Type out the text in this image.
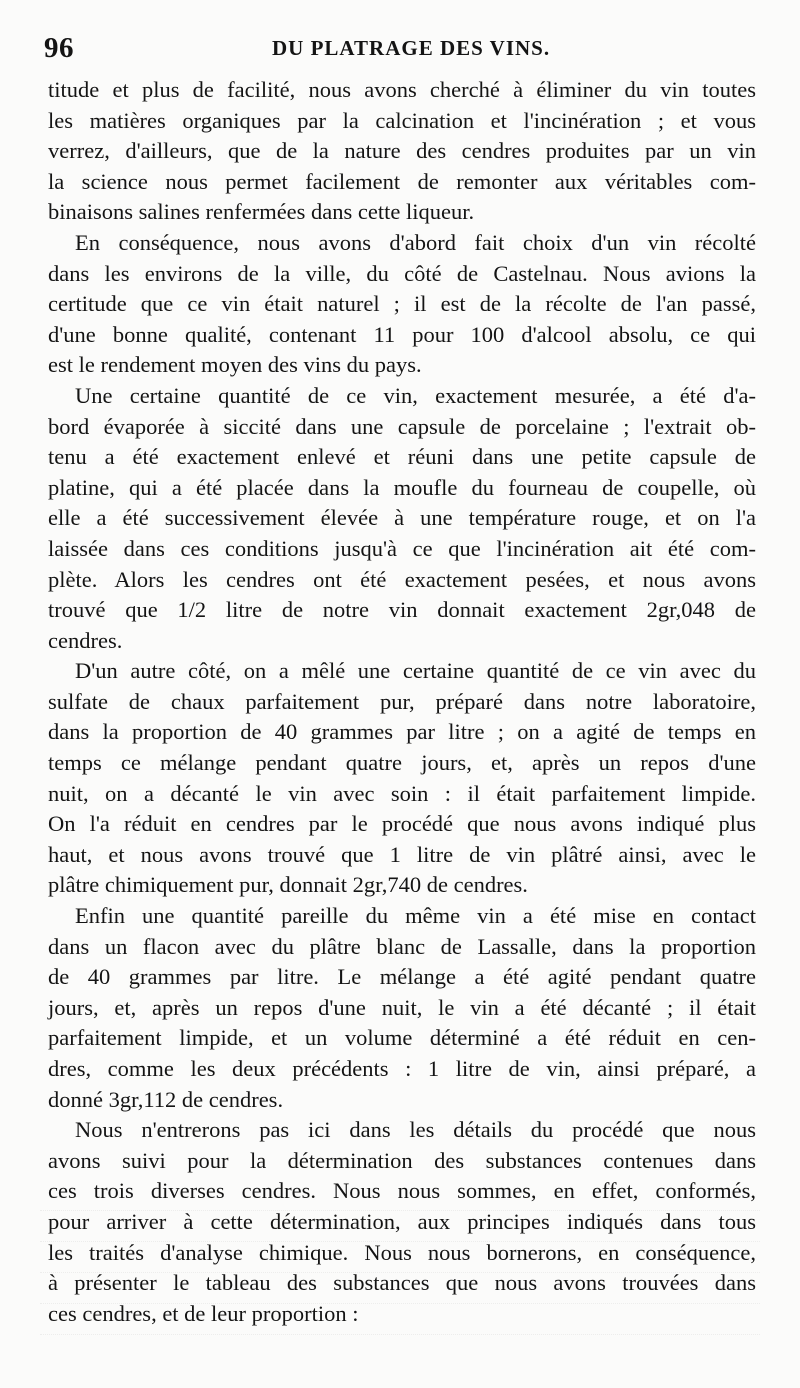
96	DU PLATRAGE DES VINS.
titude et plus de facilité, nous avons cherché à éliminer du vin toutes
les matières organiques par la calcination et l'incinération ; et vous
verrez, d'ailleurs, que de la nature des cendres produites par un vin
la science nous permet facilement de remonter aux véritables com-
binaisons salines renfermées dans cette liqueur.
En conséquence, nous avons d'abord fait choix d'un vin récolté
dans les environs de la ville, du côté de Castelnau. Nous avions la
certitude que ce vin était naturel ; il est de la récolte de l'an passé,
d'une bonne qualité, contenant 11 pour 100 d'alcool absolu, ce qui
est le rendement moyen des vins du pays.
Une certaine quantité de ce vin, exactement mesurée, a été d'a-
bord évaporée à siccité dans une capsule de porcelaine ; l'extrait ob-
tenu a été exactement enlevé et réuni dans une petite capsule de
platine, qui a été placée dans la moufle du fourneau de coupelle, où
elle a été successivement élevée à une température rouge, et on l'a
laissée dans ces conditions jusqu'à ce que l'incinération ait été com-
plète. Alors les cendres ont été exactement pesées, et nous avons
trouvé que 1/2 litre de notre vin donnait exactement 2gr,048 de
cendres.
D'un autre côté, on a mêlé une certaine quantité de ce vin avec du
sulfate de chaux parfaitement pur, préparé dans notre laboratoire,
dans la proportion de 40 grammes par litre ; on a agité de temps en
temps ce mélange pendant quatre jours, et, après un repos d'une
nuit, on a décanté le vin avec soin : il était parfaitement limpide.
On l'a réduit en cendres par le procédé que nous avons indiqué plus
haut, et nous avons trouvé que 1 litre de vin plâtré ainsi, avec le
plâtre chimiquement pur, donnait 2gr,740 de cendres.
Enfin une quantité pareille du même vin a été mise en contact
dans un flacon avec du plâtre blanc de Lassalle, dans la proportion
de 40 grammes par litre. Le mélange a été agité pendant quatre
jours, et, après un repos d'une nuit, le vin a été décanté ; il était
parfaitement limpide, et un volume déterminé a été réduit en cen-
dres, comme les deux précédents : 1 litre de vin, ainsi préparé, a
donné 3gr,112 de cendres.
Nous n'entrerons pas ici dans les détails du procédé que nous
avons suivi pour la détermination des substances contenues dans
ces trois diverses cendres. Nous nous sommes, en effet, conformés,
pour arriver à cette détermination, aux principes indiqués dans tous
les traités d'analyse chimique. Nous nous bornerons, en conséquence,
à présenter le tableau des substances que nous avons trouvées dans
ces cendres, et de leur proportion :
